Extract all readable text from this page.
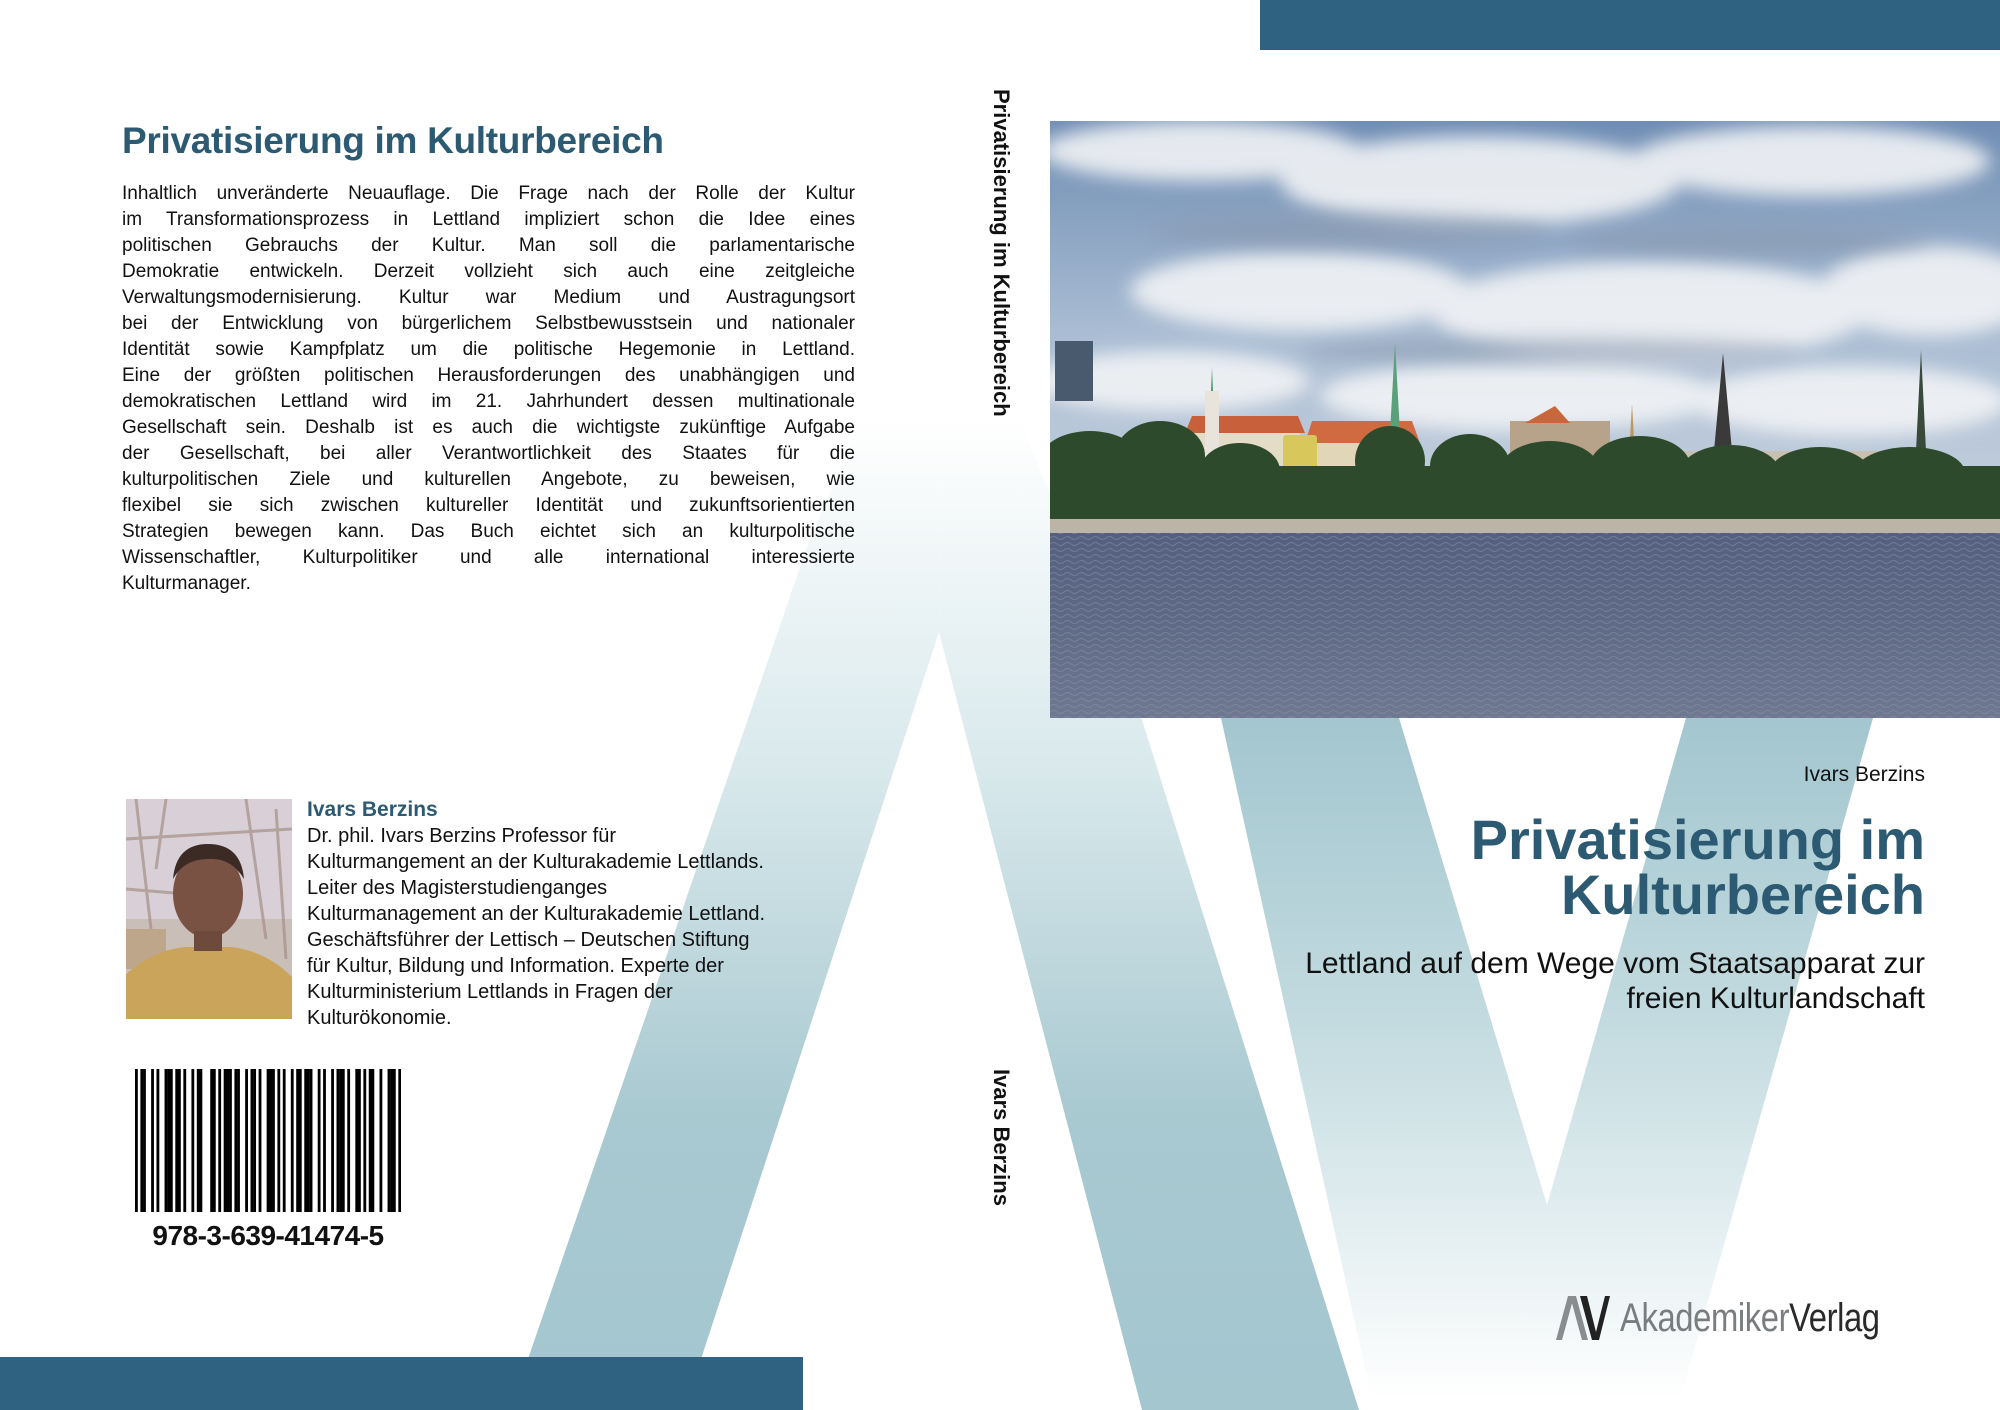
Privatisierung im Kulturbereich
Inhaltlich unveränderte Neuauflage. Die Frage nach der Rolle der Kultur
im Transformationsprozess in Lettland impliziert schon die Idee eines
politischen Gebrauchs der Kultur. Man soll die parlamentarische
Demokratie entwickeln. Derzeit vollzieht sich auch eine zeitgleiche
Verwaltungsmodernisierung. Kultur war Medium und Austragungsort
bei der Entwicklung von bürgerlichem Selbstbewusstsein und nationaler
Identität sowie Kampfplatz um die politische Hegemonie in Lettland.
Eine der größten politischen Herausforderungen des unabhängigen und
demokratischen Lettland wird im 21. Jahrhundert dessen multinationale
Gesellschaft sein. Deshalb ist es auch die wichtigste zukünftige Aufgabe
der Gesellschaft, bei aller Verantwortlichkeit des Staates für die
kulturpolitischen Ziele und kulturellen Angebote, zu beweisen, wie
flexibel sie sich zwischen kultureller Identität und zukunftsorientierten
Strategien bewegen kann. Das Buch eichtet sich an kulturpolitische
Wissenschaftler, Kulturpolitiker und alle international interessierte
Kulturmanager.
Ivars Berzins
Dr. phil. Ivars Berzins Professor für
Kulturmangement an der Kulturakademie Lettlands.
Leiter des Magisterstudienganges
Kulturmanagement an der Kulturakademie Lettland.
Geschäftsführer der Lettisch – Deutschen Stiftung
für Kultur, Bildung und Information. Experte der
Kulturministerium Lettlands in Fragen der
Kulturökonomie.
978-3-639-41474-5
Privatisierung im Kulturbereich
Ivars Berzins
Ivars Berzins
Privatisierung im
Kulturbereich
Lettland auf dem Wege vom Staatsapparat zur
freien Kulturlandschaft
AkademikerVerlag
